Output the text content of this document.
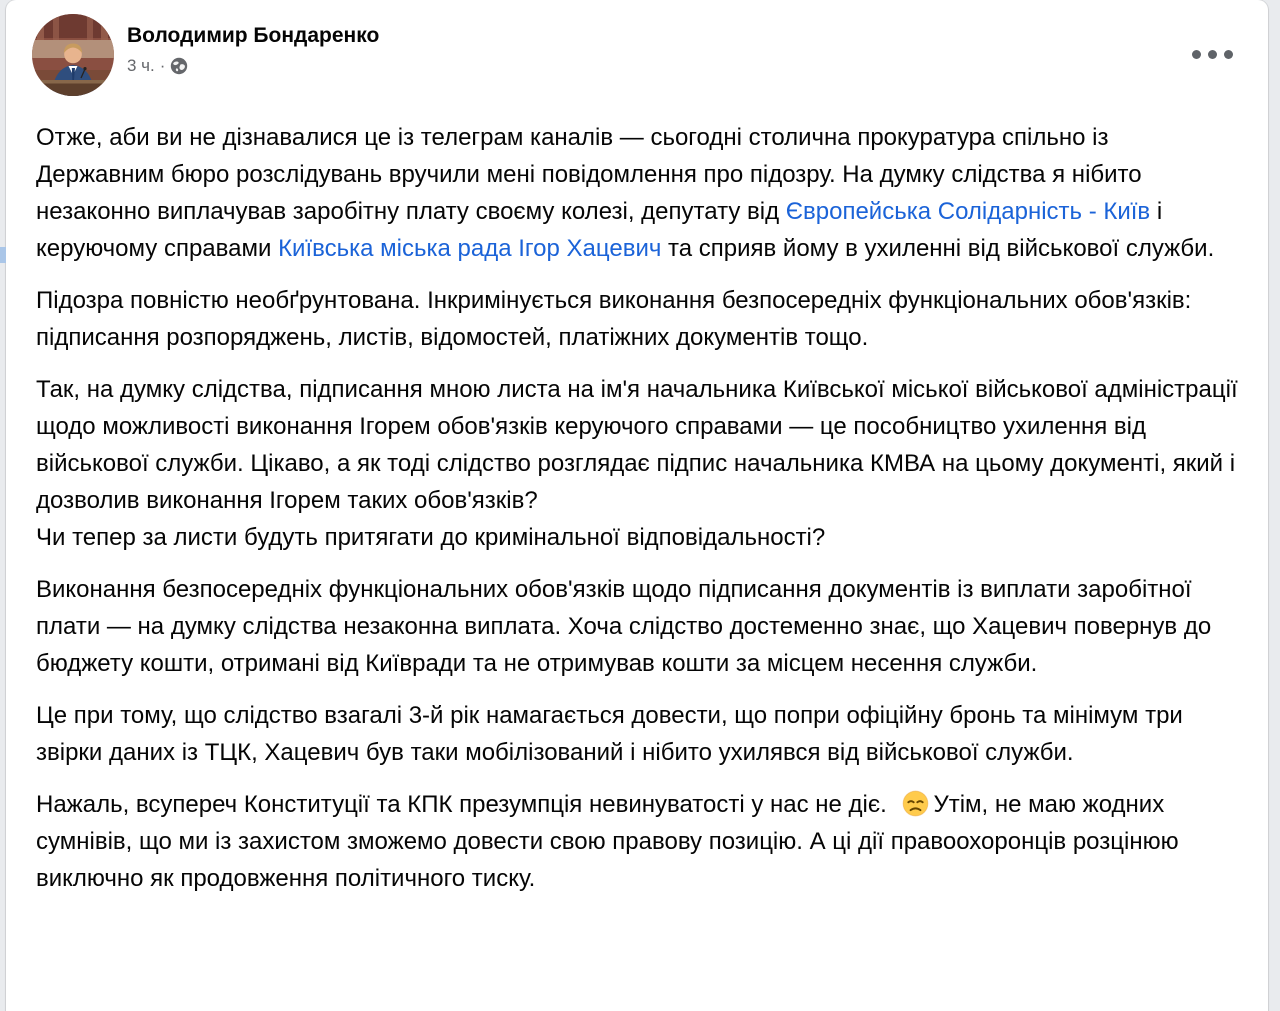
Володимир Бондаренко
3 ч. ·

Отже, аби ви не дізнавалися це із телеграм каналів — сьогодні столична прокуратура спільно із Державним бюро розслідувань вручили мені повідомлення про підозру. На думку слідства я нібито незаконно виплачував заробітну плату своєму колезі, депутату від Європейська Солідарність - Київ і керуючому справами Київська міська рада Ігор Хацевич та сприяв йому в ухиленні від військової служби.

Підозра повністю необґрунтована. Інкримінується виконання безпосередніх функціональних обов'язків: підписання розпоряджень, листів, відомостей, платіжних документів тощо.

Так, на думку слідства, підписання мною листа на ім'я начальника Київської міської військової адміністрації щодо можливості виконання Ігорем обов'язків керуючого справами — це пособництво ухилення від військової служби. Цікаво, а як тоді слідство розглядає підпис начальника КМВА на цьому документі, який і дозволив виконання Ігорем таких обов'язків?
Чи тепер за листи будуть притягати до кримінальної відповідальності?

Виконання безпосередніх функціональних обов'язків щодо підписання документів із виплати заробітної плати — на думку слідства незаконна виплата. Хоча слідство достеменно знає, що Хацевич повернув до бюджету кошти, отримані від Київради та не отримував кошти за місцем несення служби.

Це при тому, що слідство взагалі 3-й рік намагається довести, що попри офіційну бронь та мінімум три звірки даних із ТЦК, Хацевич був таки мобілізований і нібито ухилявся від військової служби.

Нажаль, всупереч Конституції та КПК презумпція невинуватості у нас не діє.
Утім, не маю жодних сумнівів, що ми із захистом зможемо довести свою правову позицію. А ці дії правоохоронців розцінюю виключно як продовження політичного тиску.
